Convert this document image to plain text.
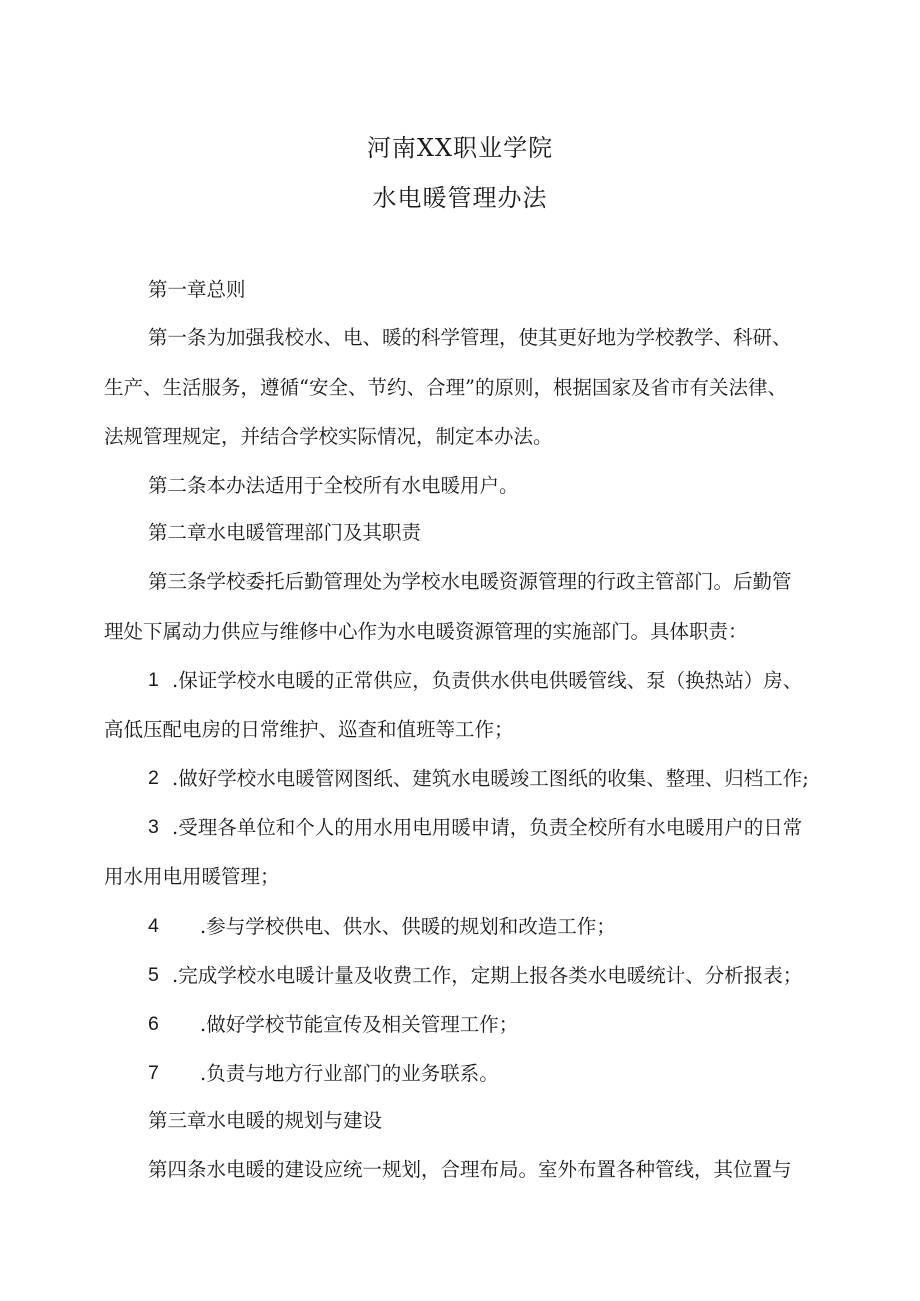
河南XX职业学院
水电暖管理办法
第一章总则
第一条为加强我校水、电、暖的科学管理，使其更好地为学校教学、科研、
生产、生活服务，遵循“安全、节约、合理”的原则，根据国家及省市有关法律、
法规管理规定，并结合学校实际情况，制定本办法。
第二条本办法适用于全校所有水电暖用户。
第二章水电暖管理部门及其职责
第三条学校委托后勤管理处为学校水电暖资源管理的行政主管部门。后勤管
理处下属动力供应与维修中心作为水电暖资源管理的实施部门。具体职责：
1 .保证学校水电暖的正常供应，负责供水供电供暖管线、泵（换热站）房、
高低压配电房的日常维护、巡查和值班等工作；
2 .做好学校水电暖管网图纸、建筑水电暖竣工图纸的收集、整理、归档工作;
3 .受理各单位和个人的用水用电用暖申请，负责全校所有水电暖用户的日常
用水用电用暖管理；
4 .参与学校供电、供水、供暖的规划和改造工作；
5 .完成学校水电暖计量及收费工作，定期上报各类水电暖统计、分析报表；
6 .做好学校节能宣传及相关管理工作；
7 .负责与地方行业部门的业务联系。
第三章水电暖的规划与建设
第四条水电暖的建设应统一规划，合理布局。室外布置各种管线，其位置与
